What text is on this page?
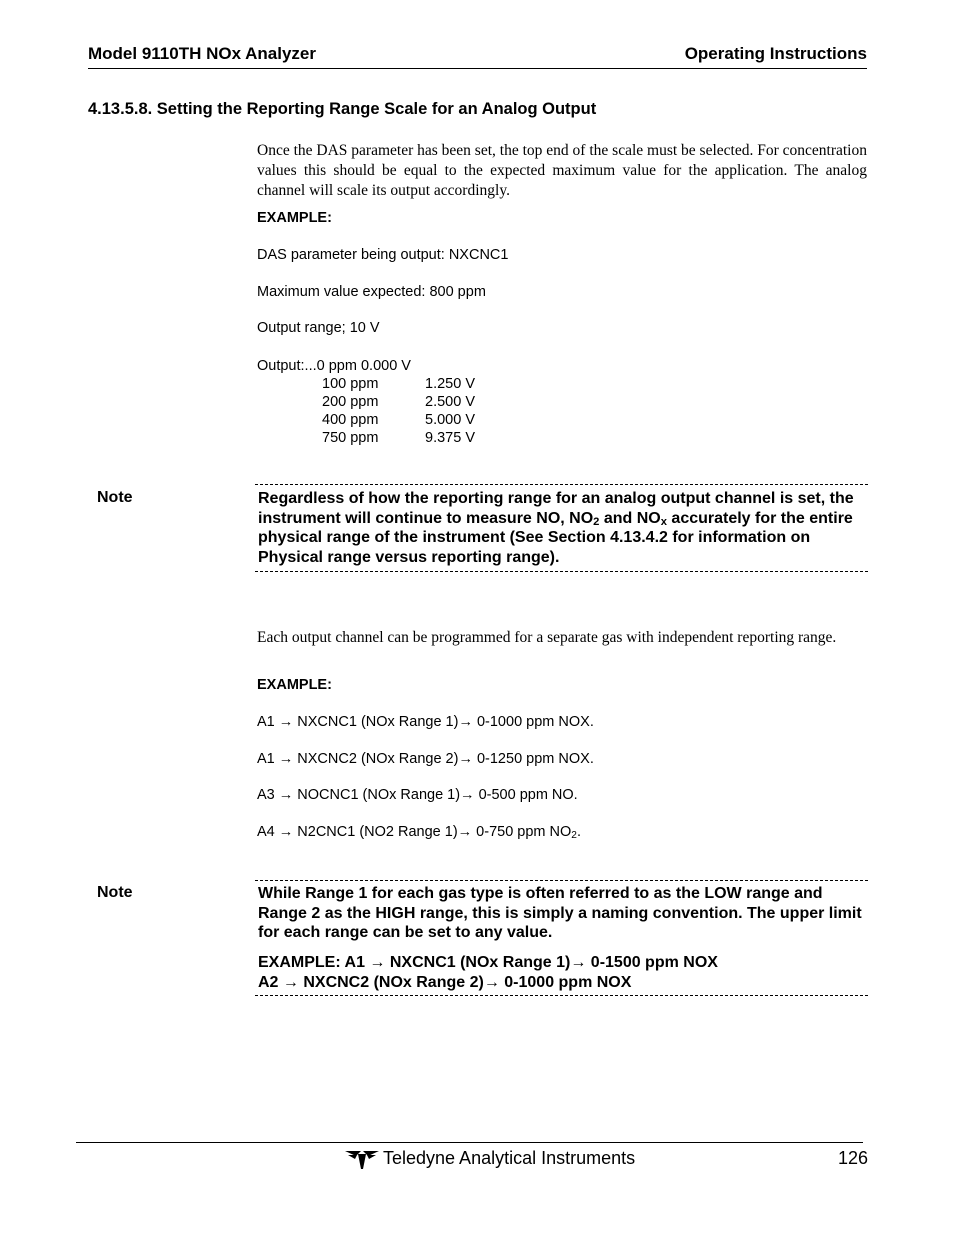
Model 9110TH NOx Analyzer	Operating Instructions
4.13.5.8. Setting the Reporting Range Scale for an Analog Output
Once the DAS parameter has been set, the top end of the scale must be selected. For concentration values this should be equal to the expected maximum value for the application. The analog channel will scale its output accordingly.
EXAMPLE:
DAS parameter being output: NXCNC1
Maximum value expected: 800 ppm
Output range; 10 V
Output:...0 ppm 0.000 V
100 ppm	1.250 V
200 ppm	2.500 V
400 ppm	5.000 V
750 ppm	9.375 V
Note	Regardless of how the reporting range for an analog output channel is set, the instrument will continue to measure NO, $NO_2$ and $NO_x$ accurately for the entire physical range of the instrument (See Section 4.13.4.2 for information on Physical range versus reporting range).
Each output channel can be programmed for a separate gas with independent reporting range.
EXAMPLE:
A1 → NXCNC1 (NOx Range 1)→ 0-1000 ppm NOX.
A1 → NXCNC2 (NOx Range 2)→ 0-1250 ppm NOX.
A3 → NOCNC1 (NOx Range 1)→ 0-500 ppm NO.
A4 → N2CNC1 (NO2 Range 1)→ 0-750 ppm $NO_2$.
Note	While Range 1 for each gas type is often referred to as the LOW range and Range 2 as the HIGH range, this is simply a naming convention. The upper limit for each range can be set to any value.
EXAMPLE: A1 → NXCNC1 (NOx Range 1)→ 0-1500 ppm NOX
A2 → NXCNC2 (NOx Range 2)→ 0-1000 ppm NOX
Teledyne Analytical Instruments	126
